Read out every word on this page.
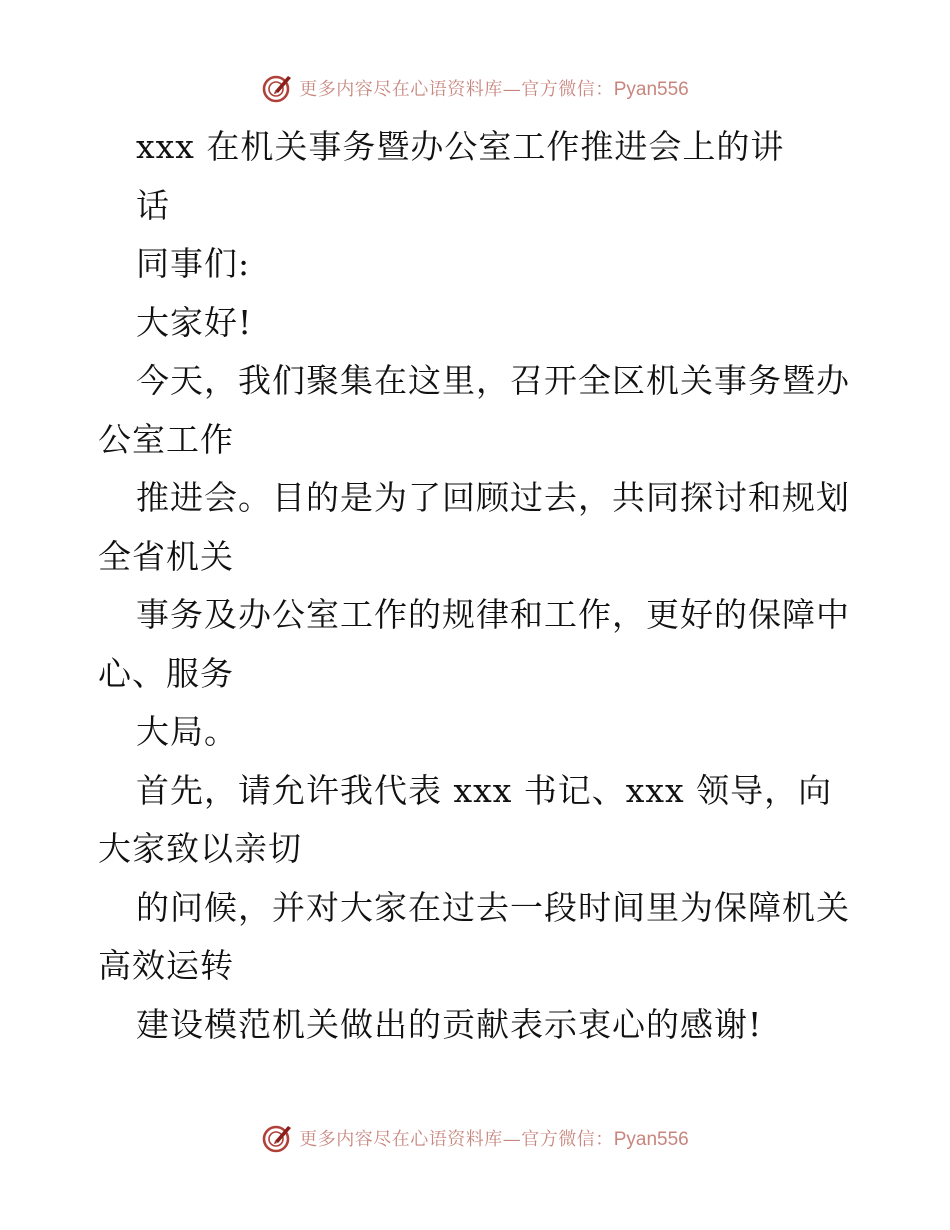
更多内容尽在心语资料库—官方微信：Pyan556
xxx 在机关事务暨办公室工作推进会上的讲
话
同事们:
大家好!
今天，我们聚集在这里，召开全区机关事务暨办
公室工作
推进会。目的是为了回顾过去，共同探讨和规划
全省机关
事务及办公室工作的规律和工作，更好的保障中
心、服务
大局。
首先，请允许我代表 xxx 书记、xxx 领导，向
大家致以亲切
的问候，并对大家在过去一段时间里为保障机关
高效运转
建设模范机关做出的贡献表示衷心的感谢!
更多内容尽在心语资料库—官方微信：Pyan556
